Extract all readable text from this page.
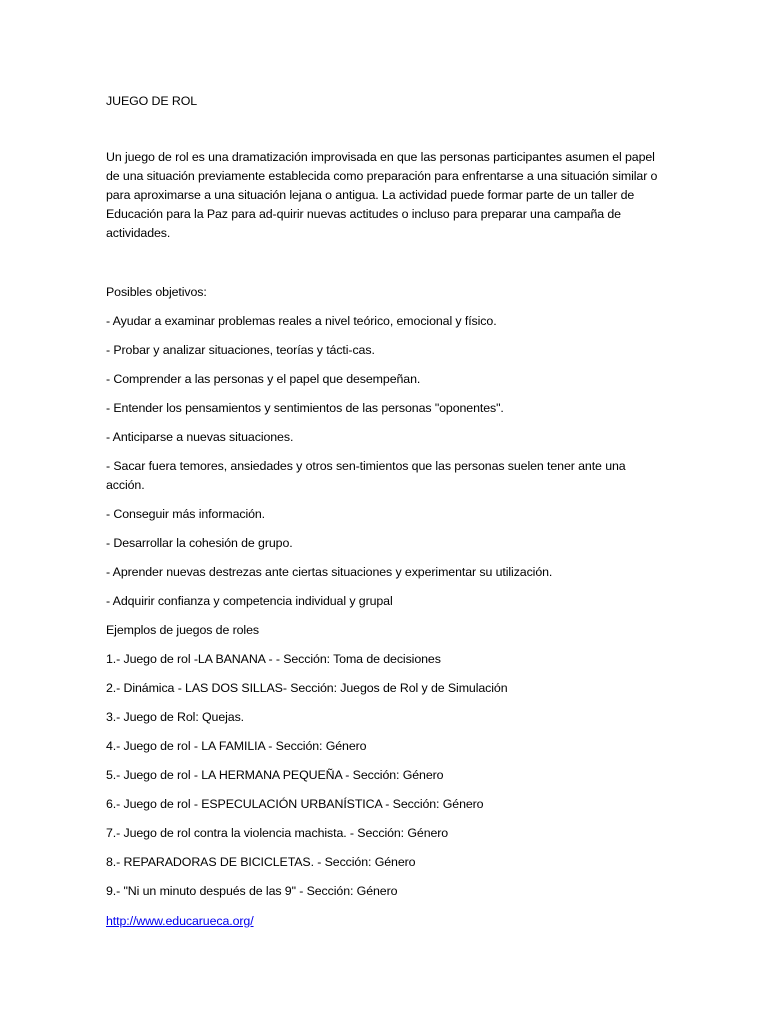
JUEGO DE ROL

Un juego de rol es una dramatización improvisada en que las personas participantes asumen el papel de una situación previamente establecida como preparación para enfrentarse a una situación similar o para aproximarse a una situación lejana o antigua. La actividad puede formar parte de un taller de Educación para la Paz para ad-quirir nuevas actitudes o incluso para preparar una campaña de actividades.

Posibles objetivos:

- Ayudar a examinar problemas reales a nivel teórico, emocional y físico.

- Probar y analizar situaciones, teorías y tácti-cas.

- Comprender a las personas y el papel que desempeñan.

- Entender los pensamientos y sentimientos de las personas "oponentes".

- Anticiparse a nuevas situaciones.

- Sacar fuera temores, ansiedades y otros sen-timientos que las personas suelen tener ante una acción.

- Conseguir más información.

- Desarrollar la cohesión de grupo.

- Aprender nuevas destrezas ante ciertas situaciones y experimentar su utilización.

- Adquirir confianza y competencia individual y grupal

Ejemplos de juegos de roles

1.- Juego de rol -LA BANANA - - Sección: Toma de decisiones

2.- Dinámica - LAS DOS SILLAS- Sección: Juegos de Rol y de Simulación

3.- Juego de Rol: Quejas.

4.- Juego de rol - LA FAMILIA - Sección: Género

5.- Juego de rol - LA HERMANA PEQUEÑA - Sección: Género

6.- Juego de rol - ESPECULACIÓN URBANÍSTICA - Sección: Género

7.- Juego de rol contra la violencia machista. - Sección: Género

8.- REPARADORAS DE BICICLETAS. - Sección: Género

9.- "Ni un minuto después de las 9" - Sección: Género

http://www.educarueca.org/
